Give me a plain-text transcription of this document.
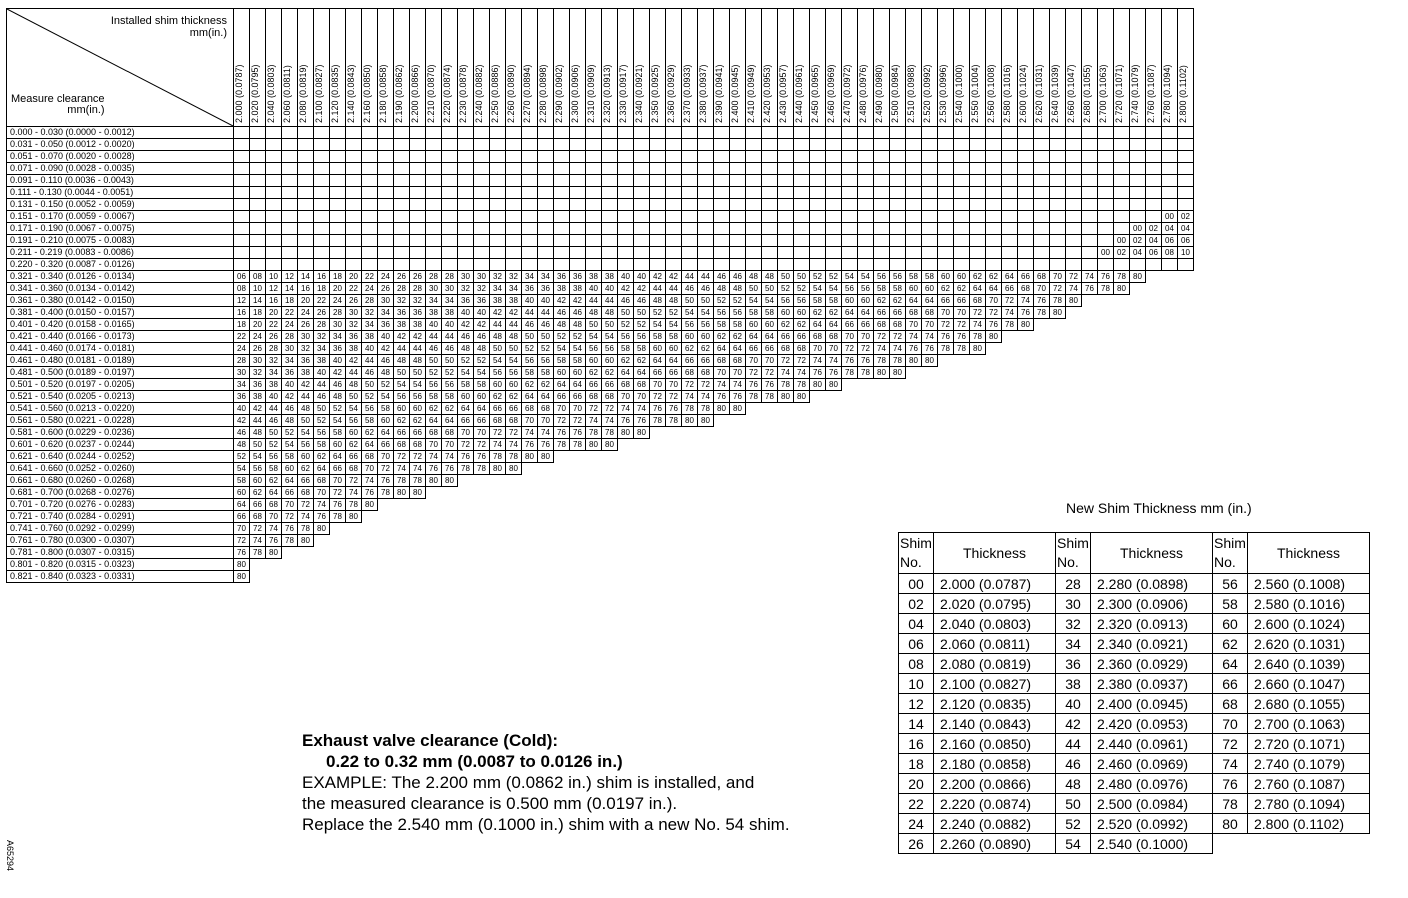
Installed shim thickness
mm(in.)
Measure clearance
mm(in.)	2.000 (0.0787)	2.020 (0.0795)	2.040 (0.0803)	2.060 (0.0811)	2.080 (0.0819)	2.100 (0.0827)	2.120 (0.0835)	2.140 (0.0843)	2.160 (0.0850)	2.180 (0.0858)	2.190 (0.0862)	2.200 (0.0866)	2.210 (0.0870)	2.220 (0.0874)	2.230 (0.0878)	2.240 (0.0882)	2.250 (0.0886)	2.260 (0.0890)	2.270 (0.0894)	2.280 (0.0898)	2.290 (0.0902)	2.300 (0.0906)	2.310 (0.0909)	2.320 (0.0913)	2.330 (0.0917)	2.340 (0.0921)	2.350 (0.0925)	2.360 (0.0929)	2.370 (0.0933)	2.380 (0.0937)	2.390 (0.0941)	2.400 (0.0945)	2.410 (0.0949)	2.420 (0.0953)	2.430 (0.0957)	2.440 (0.0961)	2.450 (0.0965)	2.460 (0.0969)	2.470 (0.0972)	2.480 (0.0976)	2.490 (0.0980)	2.500 (0.0984)	2.510 (0.0988)	2.520 (0.0992)	2.530 (0.0996)	2.540 (0.1000)	2.550 (0.1004)	2.560 (0.1008)	2.580 (0.1016)	2.600 (0.1024)	2.620 (0.1031)	2.640 (0.1039)	2.660 (0.1047)	2.680 (0.1055)	2.700 (0.1063)	2.720 (0.1071)	2.740 (0.1079)	2.760 (0.1087)	2.780 (0.1094)	2.800 (0.1102)

0.000 - 0.030 (0.0000 - 0.0012)																																																												
0.031 - 0.050 (0.0012 - 0.0020)																																																												
0.051 - 0.070 (0.0020 - 0.0028)																																																												
0.071 - 0.090 (0.0028 - 0.0035)																																																												
0.091 - 0.110 (0.0036 - 0.0043)																																																												
0.111 - 0.130 (0.0044 - 0.0051)																																																												
0.131 - 0.150 (0.0052 - 0.0059)																																																												
0.151 - 0.170 (0.0059 - 0.0067)																																																											00	02
0.171 - 0.190 (0.0067 - 0.0075)																																																									00	02	04	04
0.191 - 0.210 (0.0075 - 0.0083)																																																								00	02	04	06	06
0.211 - 0.219 (0.0083 - 0.0086)																																																							00	02	04	06	08	10
0.220 - 0.320 (0.0087 - 0.0126)																																																												
0.321 - 0.340 (0.0126 - 0.0134)	06	08	10	12	14	16	18	20	22	24	26	26	28	28	30	30	32	32	34	34	36	36	38	38	40	40	42	42	44	44	46	46	48	48	50	50	52	52	54	54	56	56	58	58	60	60	62	62	64	66	68	70	72	74	76	78	80			
0.341 - 0.360 (0.0134 - 0.0142)	08	10	12	14	16	18	20	22	24	26	28	28	30	30	32	32	34	34	36	36	38	38	40	40	42	42	44	44	46	46	48	48	50	50	52	52	54	54	56	56	58	58	60	60	62	62	64	64	66	68	70	72	74	76	78	80				
0.361 - 0.380 (0.0142 - 0.0150)	12	14	16	18	20	22	24	26	28	30	32	32	34	34	36	36	38	38	40	40	42	42	44	44	46	46	48	48	50	50	52	52	54	54	56	56	58	58	60	60	62	62	64	64	66	66	68	70	72	74	76	78	80							
0.381 - 0.400 (0.0150 - 0.0157)	16	18	20	22	24	26	28	30	32	34	36	36	38	38	40	40	42	42	44	44	46	46	48	48	50	50	52	52	54	54	56	56	58	58	60	60	62	62	64	64	66	66	68	68	70	70	72	72	74	76	78	80								
0.401 - 0.420 (0.0158 - 0.0165)	18	20	22	24	26	28	30	32	34	36	38	38	40	40	42	42	44	44	46	46	48	48	50	50	52	52	54	54	56	56	58	58	60	60	62	62	64	64	66	66	68	68	70	70	72	72	74	76	78	80										
0.421 - 0.440 (0.0166 - 0.0173)	22	24	26	28	30	32	34	36	38	40	42	42	44	44	46	46	48	48	50	50	52	52	54	54	56	56	58	58	60	60	62	62	64	64	66	66	68	68	70	70	72	72	74	74	76	76	78	80												
0.441 - 0.460 (0.0174 - 0.0181)	24	26	28	30	32	34	36	38	40	42	44	44	46	46	48	48	50	50	52	52	54	54	56	56	58	58	60	60	62	62	64	64	66	66	68	68	70	70	72	72	74	74	76	76	78	78	80													
0.461 - 0.480 (0.0181 - 0.0189)	28	30	32	34	36	38	40	42	44	46	48	48	50	50	52	52	54	54	56	56	58	58	60	60	62	62	64	64	66	66	68	68	70	70	72	72	74	74	76	76	78	78	80	80																
0.481 - 0.500 (0.0189 - 0.0197)	30	32	34	36	38	40	42	44	46	48	50	50	52	52	54	54	56	56	58	58	60	60	62	62	64	64	66	66	68	68	70	70	72	72	74	74	76	76	78	78	80	80																		
0.501 - 0.520 (0.0197 - 0.0205)	34	36	38	40	42	44	46	48	50	52	54	54	56	56	58	58	60	60	62	62	64	64	66	66	68	68	70	70	72	72	74	74	76	76	78	78	80	80																						
0.521 - 0.540 (0.0205 - 0.0213)	36	38	40	42	44	46	48	50	52	54	56	56	58	58	60	60	62	62	64	64	66	66	68	68	70	70	72	72	74	74	76	76	78	78	80	80																								
0.541 - 0.560 (0.0213 - 0.0220)	40	42	44	46	48	50	52	54	56	58	60	60	62	62	64	64	66	66	68	68	70	70	72	72	74	74	76	76	78	78	80	80																												
0.561 - 0.580 (0.0221 - 0.0228)	42	44	46	48	50	52	54	56	58	60	62	62	64	64	66	66	68	68	70	70	72	72	74	74	76	76	78	78	80	80																														
0.581 - 0.600 (0.0229 - 0.0236)	46	48	50	52	54	56	58	60	62	64	66	66	68	68	70	70	72	72	74	74	76	76	78	78	80	80																																		
0.601 - 0.620 (0.0237 - 0.0244)	48	50	52	54	56	58	60	62	64	66	68	68	70	70	72	72	74	74	76	76	78	78	80	80																																				
0.621 - 0.640 (0.0244 - 0.0252)	52	54	56	58	60	62	64	66	68	70	72	72	74	74	76	76	78	78	80	80																																								
0.641 - 0.660 (0.0252 - 0.0260)	54	56	58	60	62	64	66	68	70	72	74	74	76	76	78	78	80	80																																										
0.661 - 0.680 (0.0260 - 0.0268)	58	60	62	64	66	68	70	72	74	76	78	78	80	80																																														
0.681 - 0.700 (0.0268 - 0.0276)	60	62	64	66	68	70	72	74	76	78	80	80																																																
0.701 - 0.720 (0.0276 - 0.0283)	64	66	68	70	72	74	76	78	80																																																			
0.721 - 0.740 (0.0284 - 0.0291)	66	68	70	72	74	76	78	80																																																				
0.741 - 0.760 (0.0292 - 0.0299)	70	72	74	76	78	80																																																						
0.761 - 0.780 (0.0300 - 0.0307)	72	74	76	78	80																																																							
0.781 - 0.800 (0.0307 - 0.0315)	76	78	80																																																									
0.801 - 0.820 (0.0315 - 0.0323)	80																																																											
0.821 - 0.840 (0.0323 - 0.0331)	80																																																											
New Shim Thickness mm (in.)
Shim No.	Thickness	Shim No.	Thickness	Shim No.	Thickness
00	2.000 (0.0787)	28	2.280 (0.0898)	56	2.560 (0.1008)
02	2.020 (0.0795)	30	2.300 (0.0906)	58	2.580 (0.1016)
04	2.040 (0.0803)	32	2.320 (0.0913)	60	2.600 (0.1024)
06	2.060 (0.0811)	34	2.340 (0.0921)	62	2.620 (0.1031)
08	2.080 (0.0819)	36	2.360 (0.0929)	64	2.640 (0.1039)
10	2.100 (0.0827)	38	2.380 (0.0937)	66	2.660 (0.1047)
12	2.120 (0.0835)	40	2.400 (0.0945)	68	2.680 (0.1055)
14	2.140 (0.0843)	42	2.420 (0.0953)	70	2.700 (0.1063)
16	2.160 (0.0850)	44	2.440 (0.0961)	72	2.720 (0.1071)
18	2.180 (0.0858)	46	2.460 (0.0969)	74	2.740 (0.1079)
20	2.200 (0.0866)	48	2.480 (0.0976)	76	2.760 (0.1087)
22	2.220 (0.0874)	50	2.500 (0.0984)	78	2.780 (0.1094)
24	2.240 (0.0882)	52	2.520 (0.0992)	80	2.800 (0.1102)
26	2.260 (0.0890)	54	2.540 (0.1000)		
Exhaust valve clearance (Cold):
0.22 to 0.32 mm (0.0087 to 0.0126 in.)
EXAMPLE: The 2.200 mm (0.0862 in.) shim is installed, and
the measured clearance is 0.500 mm (0.0197 in.).
Replace the 2.540 mm (0.1000 in.) shim with a new No. 54 shim.
A65294
